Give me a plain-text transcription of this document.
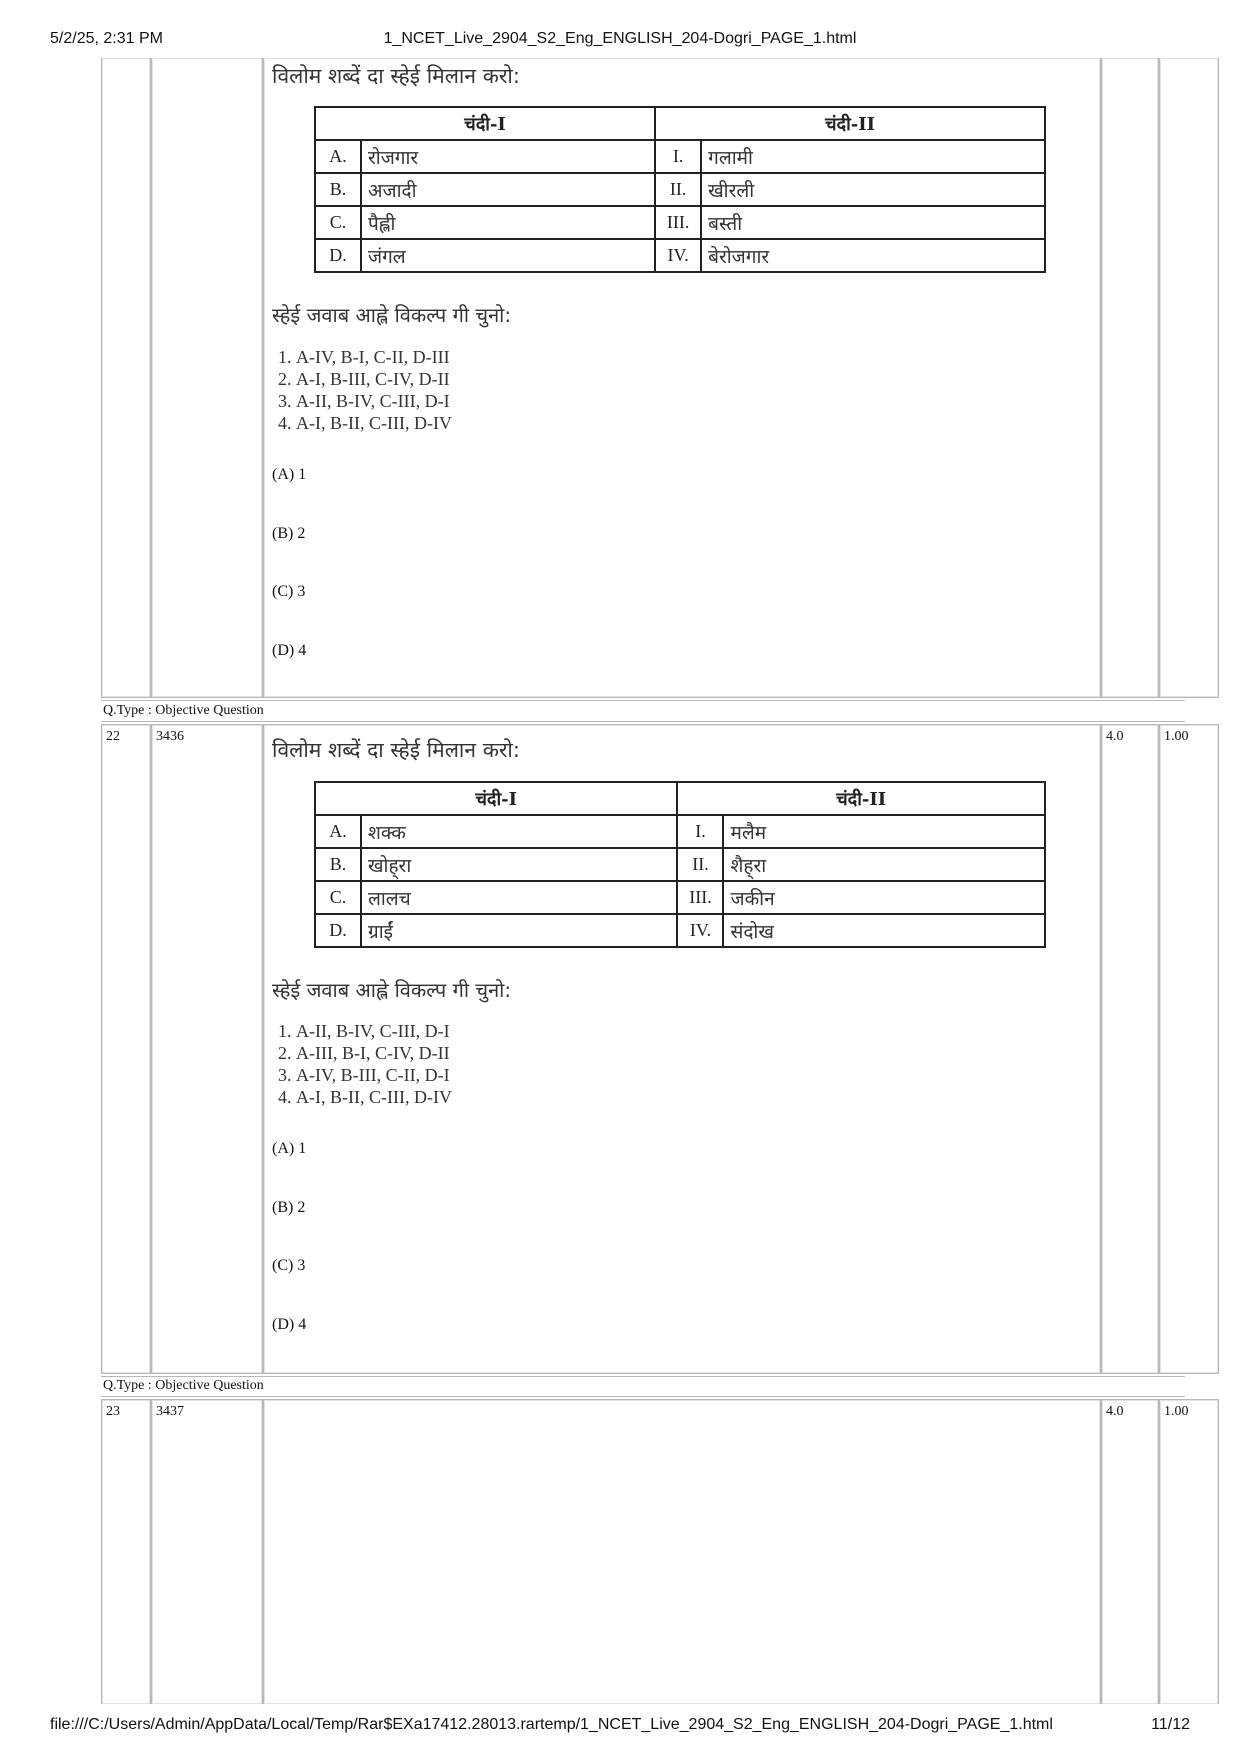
5/2/25, 2:31 PM	1_NCET_Live_2904_S2_Eng_ENGLISH_204-Dogri_PAGE_1.html
विलोम शब्दें दा स्हेई मिलान करो:
चंदी-I		चंदी-II	
A.	रोजगार	I.	गलामी
B.	अजादी	II.	खीरली
C.	पैह्ली	III.	बस्ती
D.	जंगल	IV.	बेरोजगार
स्हेई जवाब आह्ले विकल्प गी चुनो:
1. A-IV, B-I, C-II, D-III
2. A-I, B-III, C-IV, D-II
3. A-II, B-IV, C-III, D-I
4. A-I, B-II, C-III, D-IV
(A) 1
(B) 2
(C) 3
(D) 4
Q.Type : Objective Question
22	3436	4.0	1.00
विलोम शब्दें दा स्हेई मिलान करो:
चंदी-I		चंदी-II	
A.	शक्क	I.	मलैम
B.	खोह्‌रा	II.	शैह्‌रा
C.	लालच	III.	जकीन
D.	ग्राईं	IV.	संदोख
स्हेई जवाब आह्ले विकल्प गी चुनो:
1. A-II, B-IV, C-III, D-I
2. A-III, B-I, C-IV, D-II
3. A-IV, B-III, C-II, D-I
4. A-I, B-II, C-III, D-IV
(A) 1
(B) 2
(C) 3
(D) 4
Q.Type : Objective Question
23	3437	4.0	1.00
file:///C:/Users/Admin/AppData/Local/Temp/Rar$EXa17412.28013.rartemp/1_NCET_Live_2904_S2_Eng_ENGLISH_204-Dogri_PAGE_1.html	11/12
